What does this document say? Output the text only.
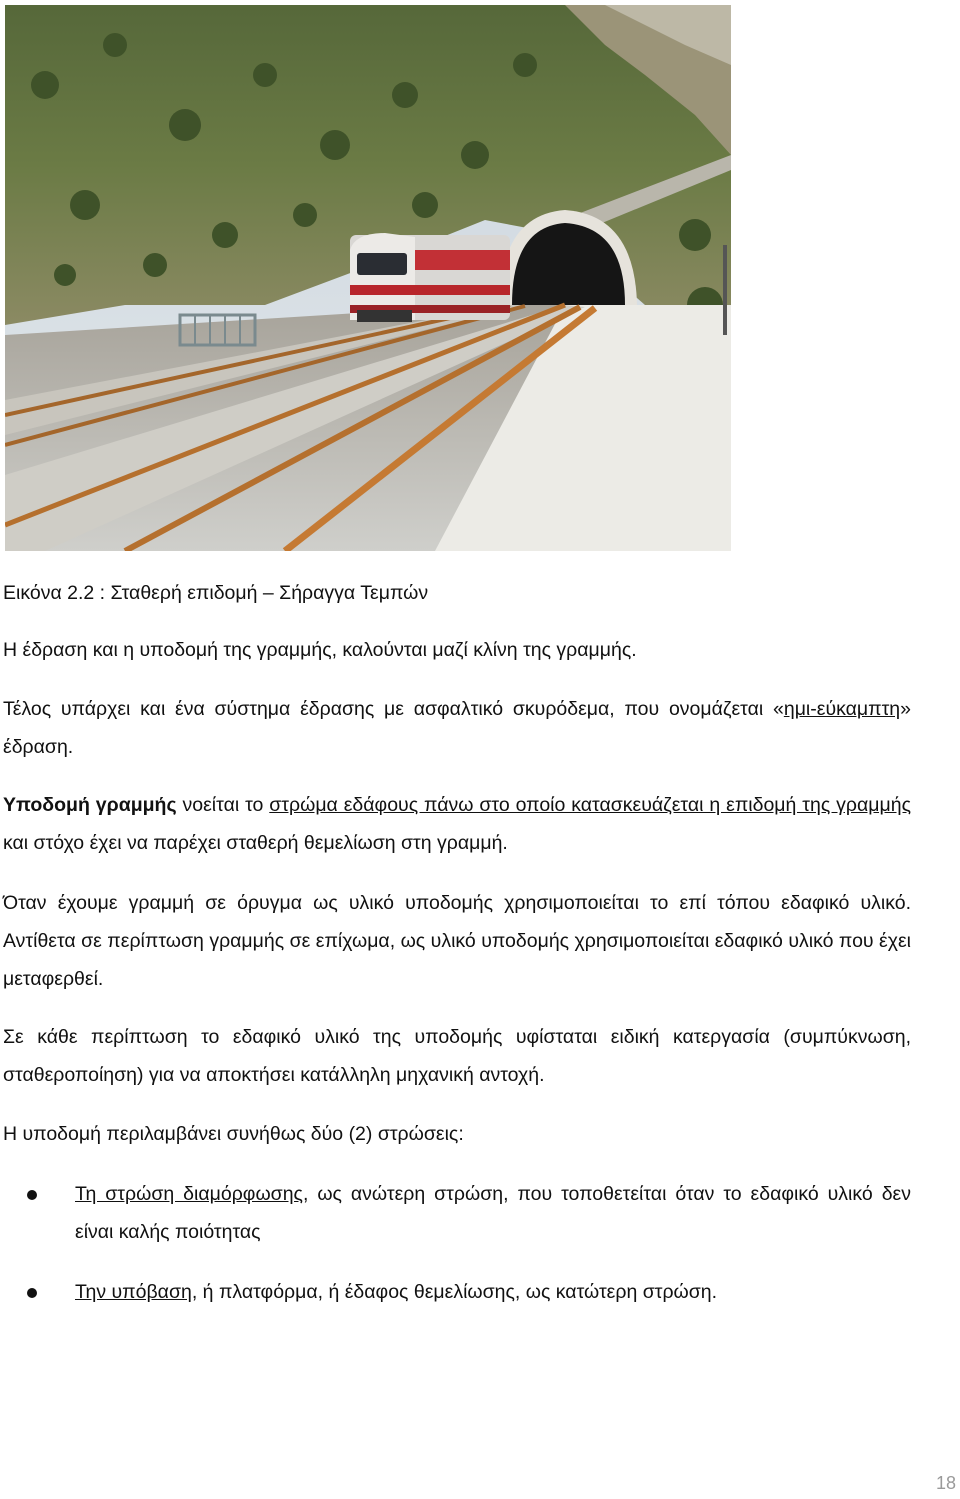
Εικόνα 2.2 : Σταθερή επιδομή – Σήραγγα Τεμπών

Η έδραση και η υποδομή της γραμμής, καλούνται μαζί κλίνη της γραμμής.

Τέλος υπάρχει και ένα σύστημα έδρασης με ασφαλτικό σκυρόδεμα, που ονομάζεται «ημι-εύκαμπτη» έδραση.

Υποδομή γραμμής νοείται το στρώμα εδάφους πάνω στο οποίο κατασκευάζεται η επιδομή της γραμμής και στόχο έχει να παρέχει σταθερή θεμελίωση στη γραμμή.

Όταν έχουμε γραμμή σε όρυγμα ως υλικό υποδομής χρησιμοποιείται το επί τόπου εδαφικό υλικό. Αντίθετα σε περίπτωση γραμμής σε επίχωμα, ως υλικό υποδομής χρησιμοποιείται εδαφικό υλικό που έχει μεταφερθεί.

Σε κάθε περίπτωση το εδαφικό υλικό της υποδομής υφίσταται ειδική κατεργασία (συμπύκνωση, σταθεροποίηση) για να αποκτήσει κατάλληλη μηχανική αντοχή.

Η υποδομή περιλαμβάνει συνήθως δύο (2) στρώσεις:

Τη στρώση διαμόρφωσης, ως ανώτερη στρώση, που τοποθετείται όταν το εδαφικό υλικό δεν είναι καλής ποιότητας

Την υπόβαση, ή πλατφόρμα, ή έδαφος θεμελίωσης, ως κατώτερη στρώση.

18
